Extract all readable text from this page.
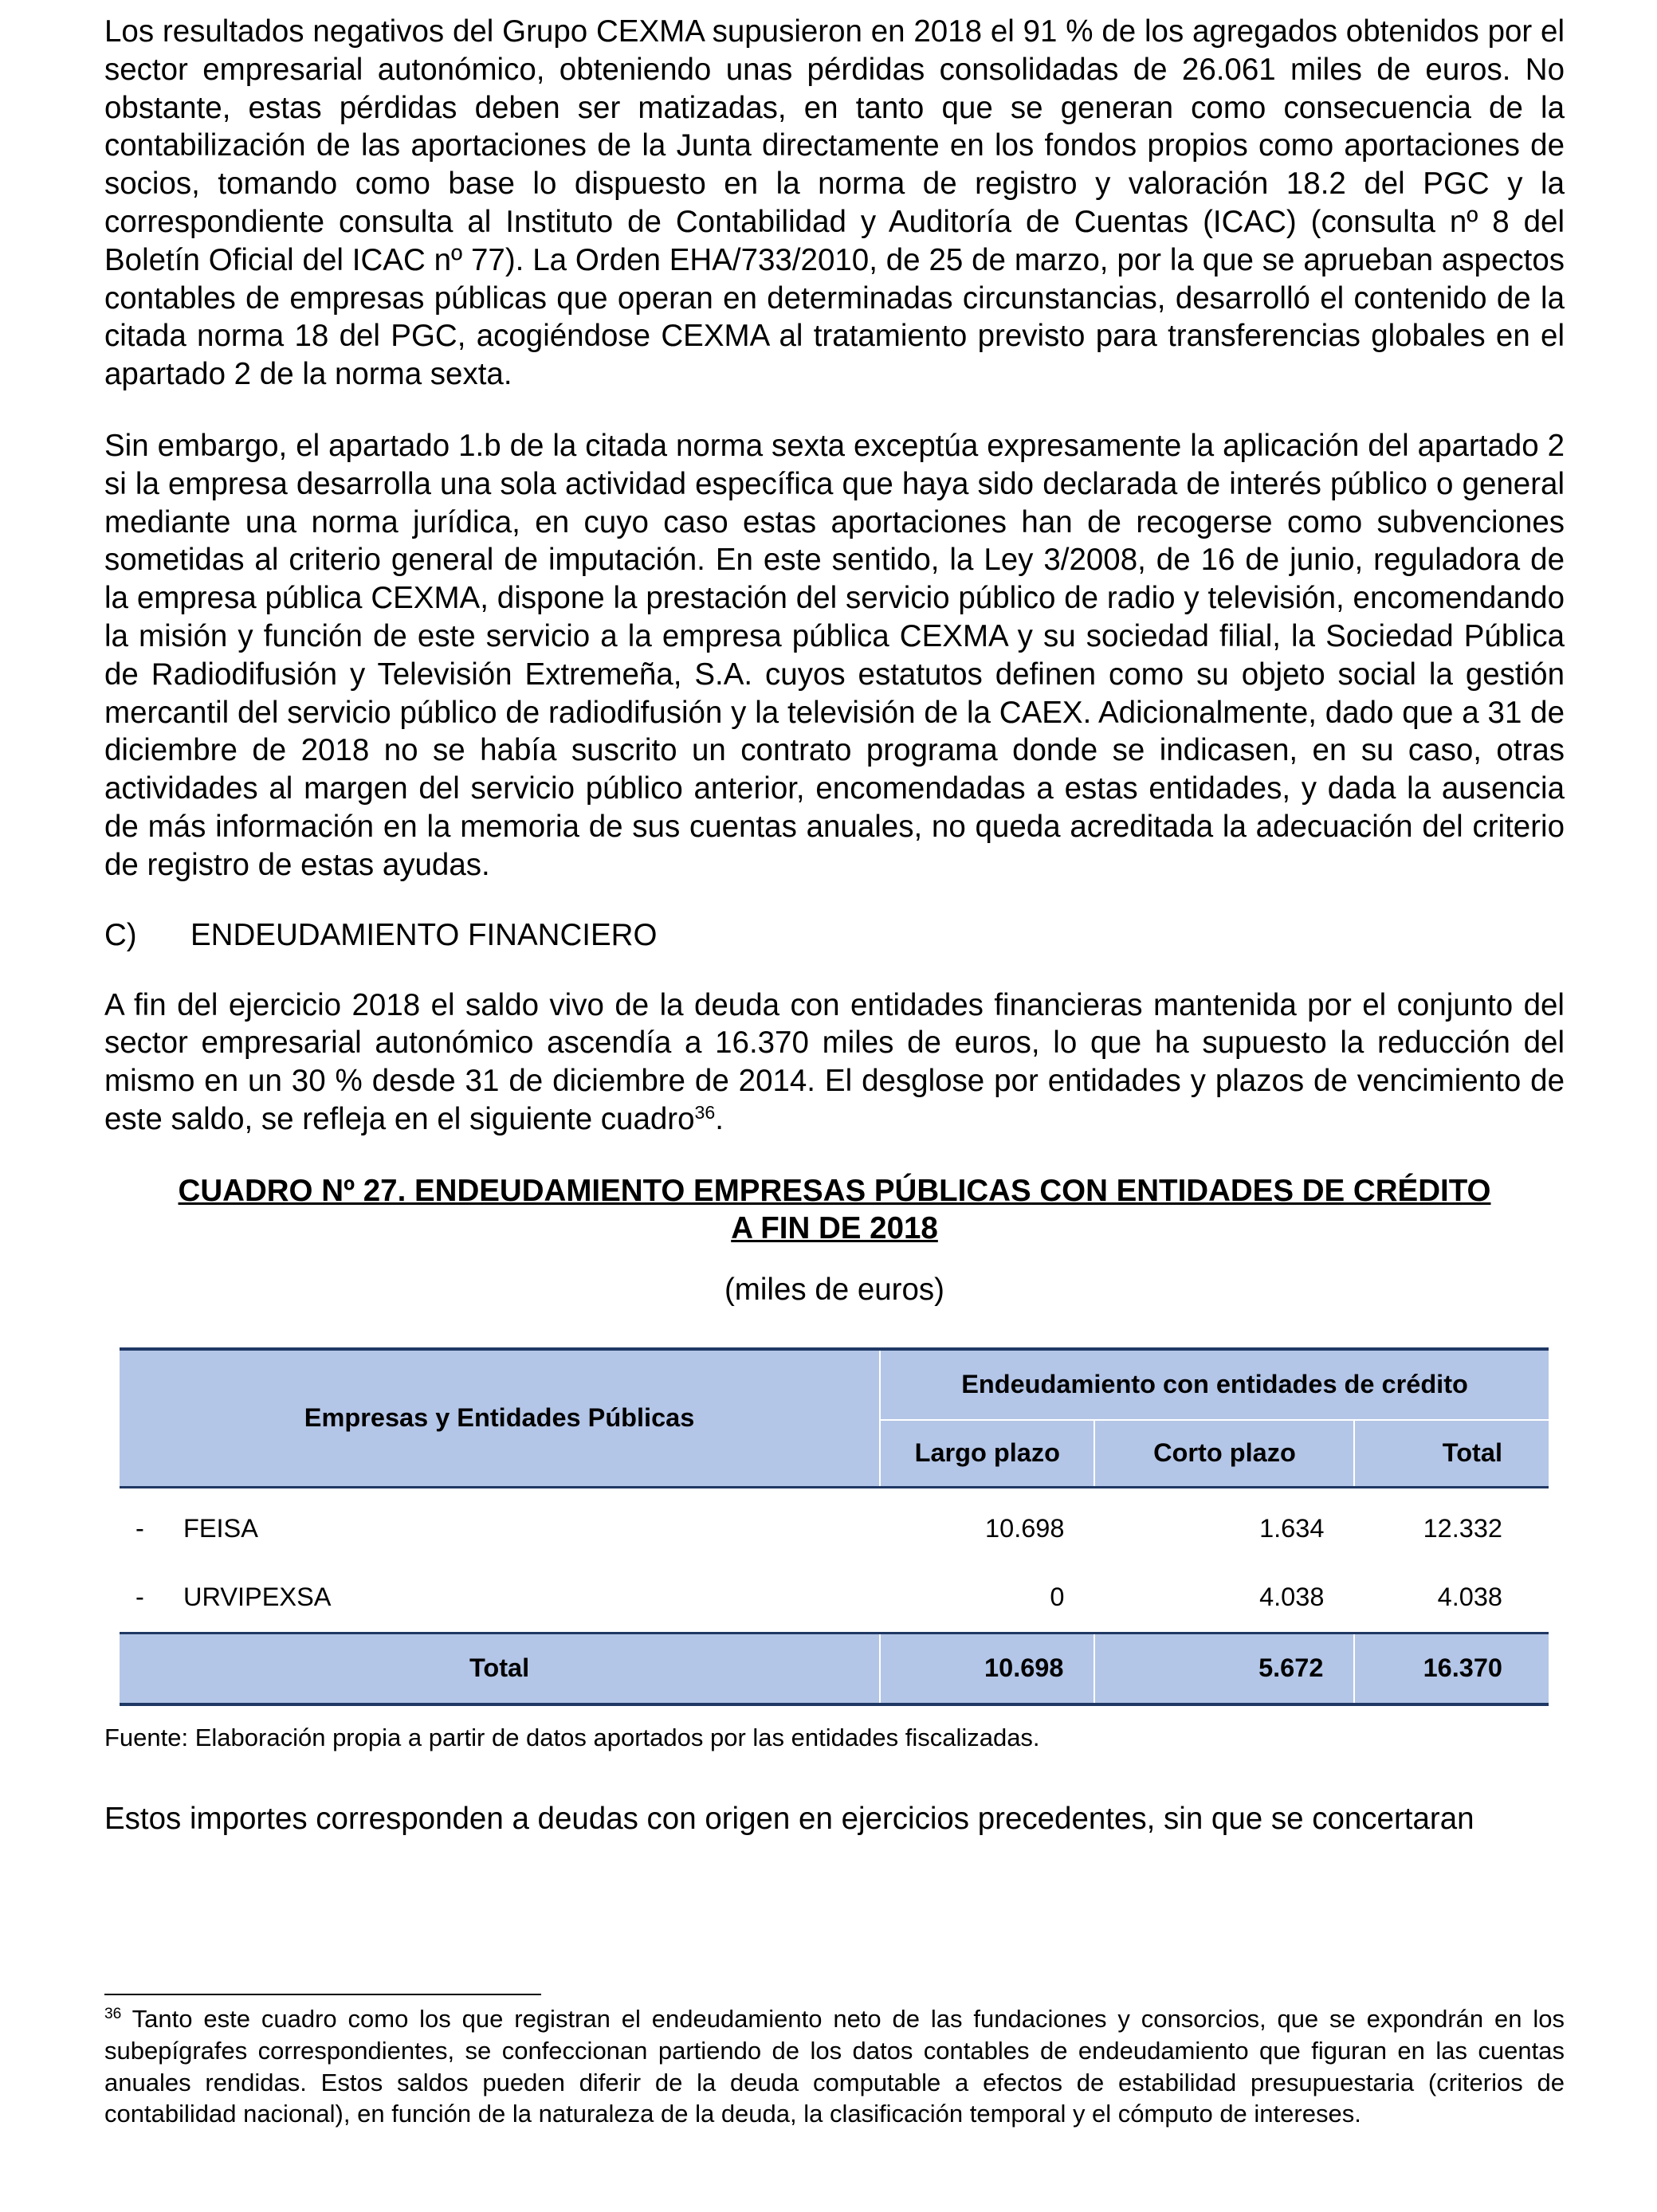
Los resultados negativos del Grupo CEXMA supusieron en 2018 el 91 % de los agregados obtenidos por el sector empresarial autonómico, obteniendo unas pérdidas consolidadas de 26.061 miles de euros. No obstante, estas pérdidas deben ser matizadas, en tanto que se generan como consecuencia de la contabilización de las aportaciones de la Junta directamente en los fondos propios como aportaciones de socios, tomando como base lo dispuesto en la norma de registro y valoración 18.2 del PGC y la correspondiente consulta al Instituto de Contabilidad y Auditoría de Cuentas (ICAC) (consulta nº 8 del Boletín Oficial del ICAC nº 77). La Orden EHA/733/2010, de 25 de marzo, por la que se aprueban aspectos contables de empresas públicas que operan en determinadas circunstancias, desarrolló el contenido de la citada norma 18 del PGC, acogiéndose CEXMA al tratamiento previsto para transferencias globales en el apartado 2 de la norma sexta.

Sin embargo, el apartado 1.b de la citada norma sexta exceptúa expresamente la aplicación del apartado 2 si la empresa desarrolla una sola actividad específica que haya sido declarada de interés público o general mediante una norma jurídica, en cuyo caso estas aportaciones han de recogerse como subvenciones sometidas al criterio general de imputación. En este sentido, la Ley 3/2008, de 16 de junio, reguladora de la empresa pública CEXMA, dispone la prestación del servicio público de radio y televisión, encomendando la misión y función de este servicio a la empresa pública CEXMA y su sociedad filial, la Sociedad Pública de Radiodifusión y Televisión Extremeña, S.A. cuyos estatutos definen como su objeto social la gestión mercantil del servicio público de radiodifusión y la televisión de la CAEX. Adicionalmente, dado que a 31 de diciembre de 2018 no se había suscrito un contrato programa donde se indicasen, en su caso, otras actividades al margen del servicio público anterior, encomendadas a estas entidades, y dada la ausencia de más información en la memoria de sus cuentas anuales, no queda acreditada la adecuación del criterio de registro de estas ayudas.

C)	ENDEUDAMIENTO FINANCIERO

A fin del ejercicio 2018 el saldo vivo de la deuda con entidades financieras mantenida por el conjunto del sector empresarial autonómico ascendía a 16.370 miles de euros, lo que ha supuesto la reducción del mismo en un 30 % desde 31 de diciembre de 2014. El desglose por entidades y plazos de vencimiento de este saldo, se refleja en el siguiente cuadro$^{36}$.

CUADRO Nº 27. ENDEUDAMIENTO EMPRESAS PÚBLICAS CON ENTIDADES DE CRÉDITO
A FIN DE 2018
(miles de euros)
Empresas y Entidades Públicas	Endeudamiento con entidades de crédito		
	Largo plazo	Corto plazo	Total
- FEISA	10.698	1.634	12.332
- URVIPEXSA	0	4.038	4.038
Total	10.698	5.672	16.370
Fuente: Elaboración propia a partir de datos aportados por las entidades fiscalizadas.

Estos importes corresponden a deudas con origen en ejercicios precedentes, sin que se concertaran

$^{36}$ Tanto este cuadro como los que registran el endeudamiento neto de las fundaciones y consorcios, que se expondrán en los subepígrafes correspondientes, se confeccionan partiendo de los datos contables de endeudamiento que figuran en las cuentas anuales rendidas. Estos saldos pueden diferir de la deuda computable a efectos de estabilidad presupuestaria (criterios de contabilidad nacional), en función de la naturaleza de la deuda, la clasificación temporal y el cómputo de intereses.
